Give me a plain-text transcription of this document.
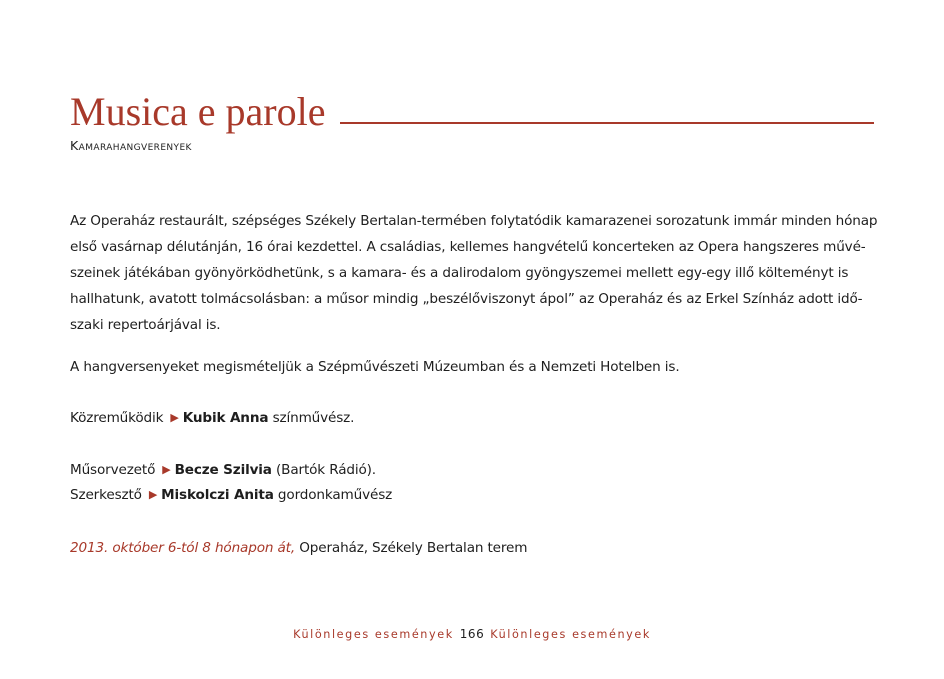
Musica e parole
Kamarahangverenyek
Az Operaház restaurált, szépséges Székely Bertalan-termében folytatódik kamarazenei sorozatunk immár minden hónap
első vasárnap délutánján, 16 órai kezdettel. A családias, kellemes hangvételű koncerteken az Opera hangszeres művé-
szeinek játékában gyönyörködhetünk, s a kamara- és a dalirodalom gyöngyszemei mellett egy-egy illő költeményt is
hallhatunk, avatott tolmácsolásban: a műsor mindig „beszélőviszonyt ápol” az Operaház és az Erkel Színház adott idő-
szaki repertoárjával is.
A hangversenyeket megismételjük a Szépművészeti Múzeumban és a Nemzeti Hotelben is.
Közreműködik ▶ Kubik Anna színművész.
Műsorvezető ▶ Becze Szilvia (Bartók Rádió).
Szerkesztő ▶ Miskolczi Anita gordonkaművész
2013. október 6-tól 8 hónapon át, Operaház, Székely Bertalan terem
Különleges események 166 Különleges események
